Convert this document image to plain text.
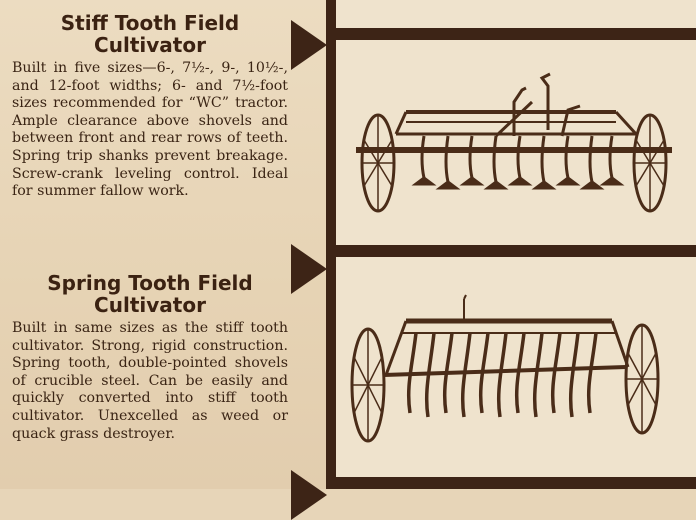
Stiff Tooth Field
Cultivator

Built in five sizes—6-, 7½-, 9-, 10½-, and 12-foot widths; 6- and 7½-foot sizes recommended for “WC” tractor. Ample clearance above shovels and between front and rear rows of teeth. Spring trip shanks prevent breakage. Screw-crank leveling control. Ideal for summer fallow work.

Spring Tooth Field
Cultivator

Built in same sizes as the stiff tooth cultivator. Strong, rigid construction. Spring tooth, double-pointed shovels of crucible steel. Can be easily and quickly converted into stiff tooth cultivator. Unexcelled as weed or quack grass destroyer.
